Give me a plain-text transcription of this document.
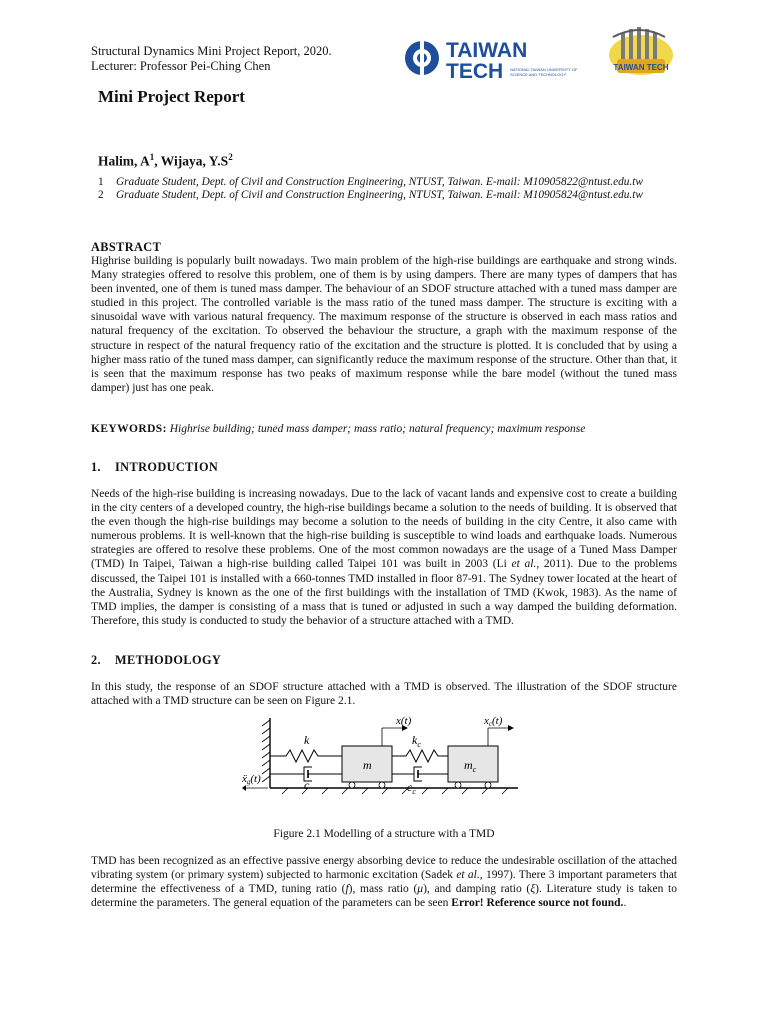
Structural Dynamics Mini Project Report, 2020.
Lecturer: Professor Pei-Ching Chen
TAIWAN
TECH NATIONAL TAIWAN UNIVERSITY OF
SCIENCE AND TECHNOLOGY
TAIWAN TECH
Mini Project Report
Halim, $A^1$, Wijaya, $Y.S^2$
1 Graduate Student, Dept. of Civil and Construction Engineering, NTUST, Taiwan. E-mail: M10905822@ntust.edu.tw
2 Graduate Student, Dept. of Civil and Construction Engineering, NTUST, Taiwan. E-mail: M10905824@ntust.edu.tw
ABSTRACT

Highrise building is popularly built nowadays. Two main problem of the high-rise buildings are earthquake and strong winds. Many strategies offered to resolve this problem, one of them is by using dampers. There are many types of dampers that has been invented, one of them is tuned mass damper. The behaviour of an SDOF structure attached with a tuned mass damper are studied in this project. The controlled variable is the mass ratio of the tuned mass damper. The structure is exciting with a sinusoidal wave with various natural frequency. The maximum response of the structure is observed in each mass ratios and natural frequency of the excitation. To observed the behaviour the structure, a graph with the maximum response of the structure in respect of the natural frequency ratio of the excitation and the structure is plotted. It is concluded that by using a higher mass ratio of the tuned mass damper, can significantly reduce the maximum response of the structure. Other than that, it is seen that the maximum response has two peaks of maximum response while the bare model (without the tuned mass damper) just has one peak.

KEYWORDS: Highrise building; tuned mass damper; mass ratio; natural frequency; maximum response
1. INTRODUCTION

Needs of the high-rise building is increasing nowadays. Due to the lack of vacant lands and expensive cost to create a building in the city centers of a developed country, the high-rise buildings became a solution to the needs of building. It is observed that the even though the high-rise buildings may become a solution to the needs of building in the city Centre, it also came with numerous problems. It is well-known that the high-rise building is susceptible to wind loads and earthquake loads. Numerous strategies are offered to resolve these problems. One of the most common nowadays are the usage of a Tuned Mass Damper (TMD) In Taipei, Taiwan a high-rise building called Taipei 101 was built in 2003 (Li et al., 2011). Due to the problems discussed, the Taipei 101 is installed with a 660-tonnes TMD installed in floor 87-91. The Sydney tower located at the heart of the Australia, Sydney is known as the one of the first buildings with the installation of TMD (Kwok, 1983). As the name of TMD implies, the damper is consisting of a mass that is tuned or adjusted in such a way damped the building deformation. Therefore, this study is conducted to study the behavior of a structure attached with a TMD.

2. METHODOLOGY

In this study, the response of an SDOF structure attached with a TMD is observed. The illustration of the SDOF structure attached with a TMD structure can be seen on Figure 2.1.

k
c
m
$k_c$
$c_c$
$m_c$
x(t)	xc(t)
ẍg(t)
Figure 2.1 Modelling of a structure with a TMD

TMD has been recognized as an effective passive energy absorbing device to reduce the undesirable oscillation of the attached vibrating system (or primary system) subjected to harmonic excitation (Sadek et al., 1997). There 3 important parameters that determine the effectiveness of a TMD, tuning ratio (f), mass ratio (μ), and damping ratio (ξ). Literature study is taken to determine the parameters. The general equation of the parameters can be seen Error! Reference source not found..
